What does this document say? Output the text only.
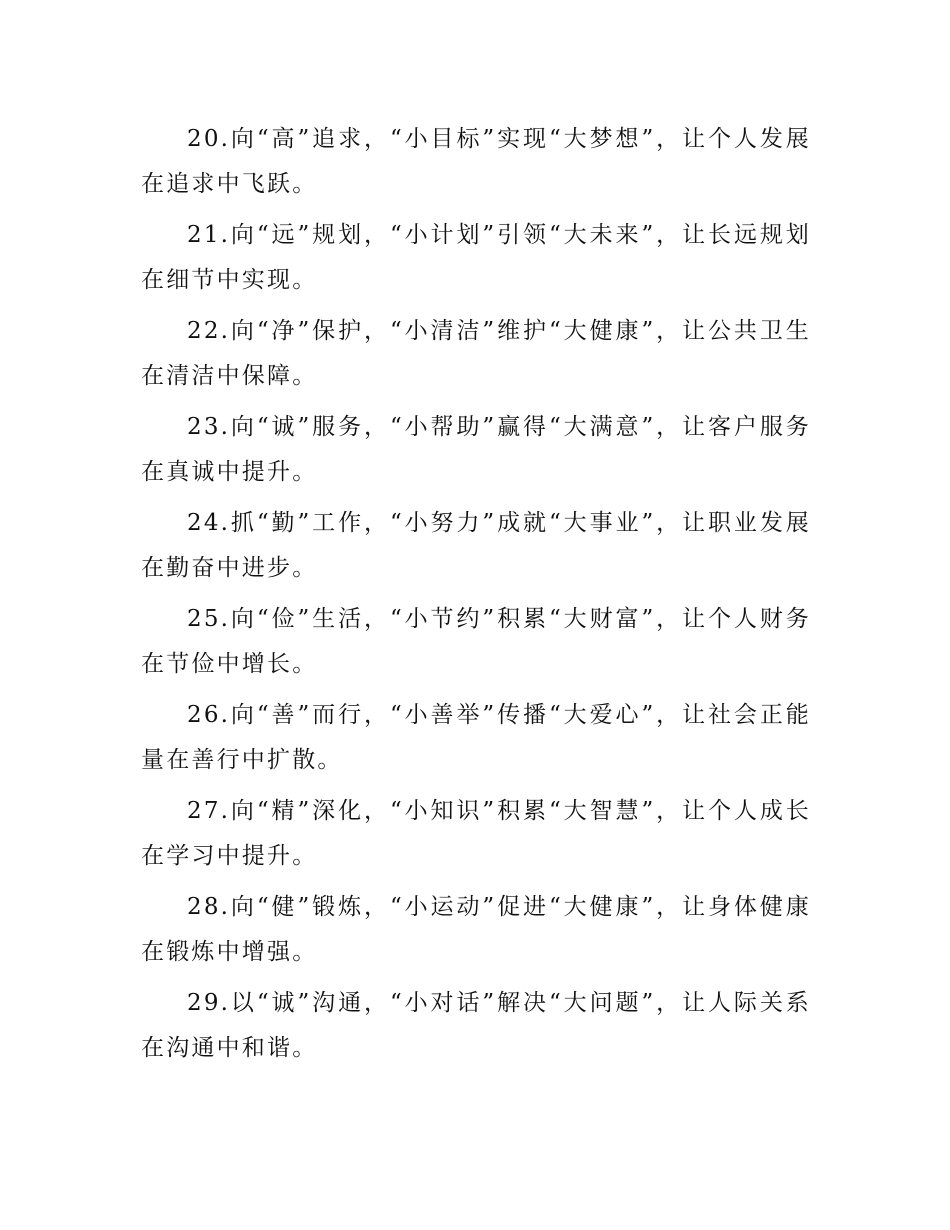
20.向“高”追求，“小目标”实现“大梦想”，让个人发展在追求中飞跃。

21.向“远”规划，“小计划”引领“大未来”，让长远规划在细节中实现。

22.向“净”保护，“小清洁”维护“大健康”，让公共卫生在清洁中保障。

23.向“诚”服务，“小帮助”赢得“大满意”，让客户服务在真诚中提升。

24.抓“勤”工作，“小努力”成就“大事业”，让职业发展在勤奋中进步。

25.向“俭”生活，“小节约”积累“大财富”，让个人财务在节俭中增长。

26.向“善”而行，“小善举”传播“大爱心”，让社会正能量在善行中扩散。

27.向“精”深化，“小知识”积累“大智慧”，让个人成长在学习中提升。

28.向“健”锻炼，“小运动”促进“大健康”，让身体健康在锻炼中增强。

29.以“诚”沟通，“小对话”解决“大问题”，让人际关系在沟通中和谐。
